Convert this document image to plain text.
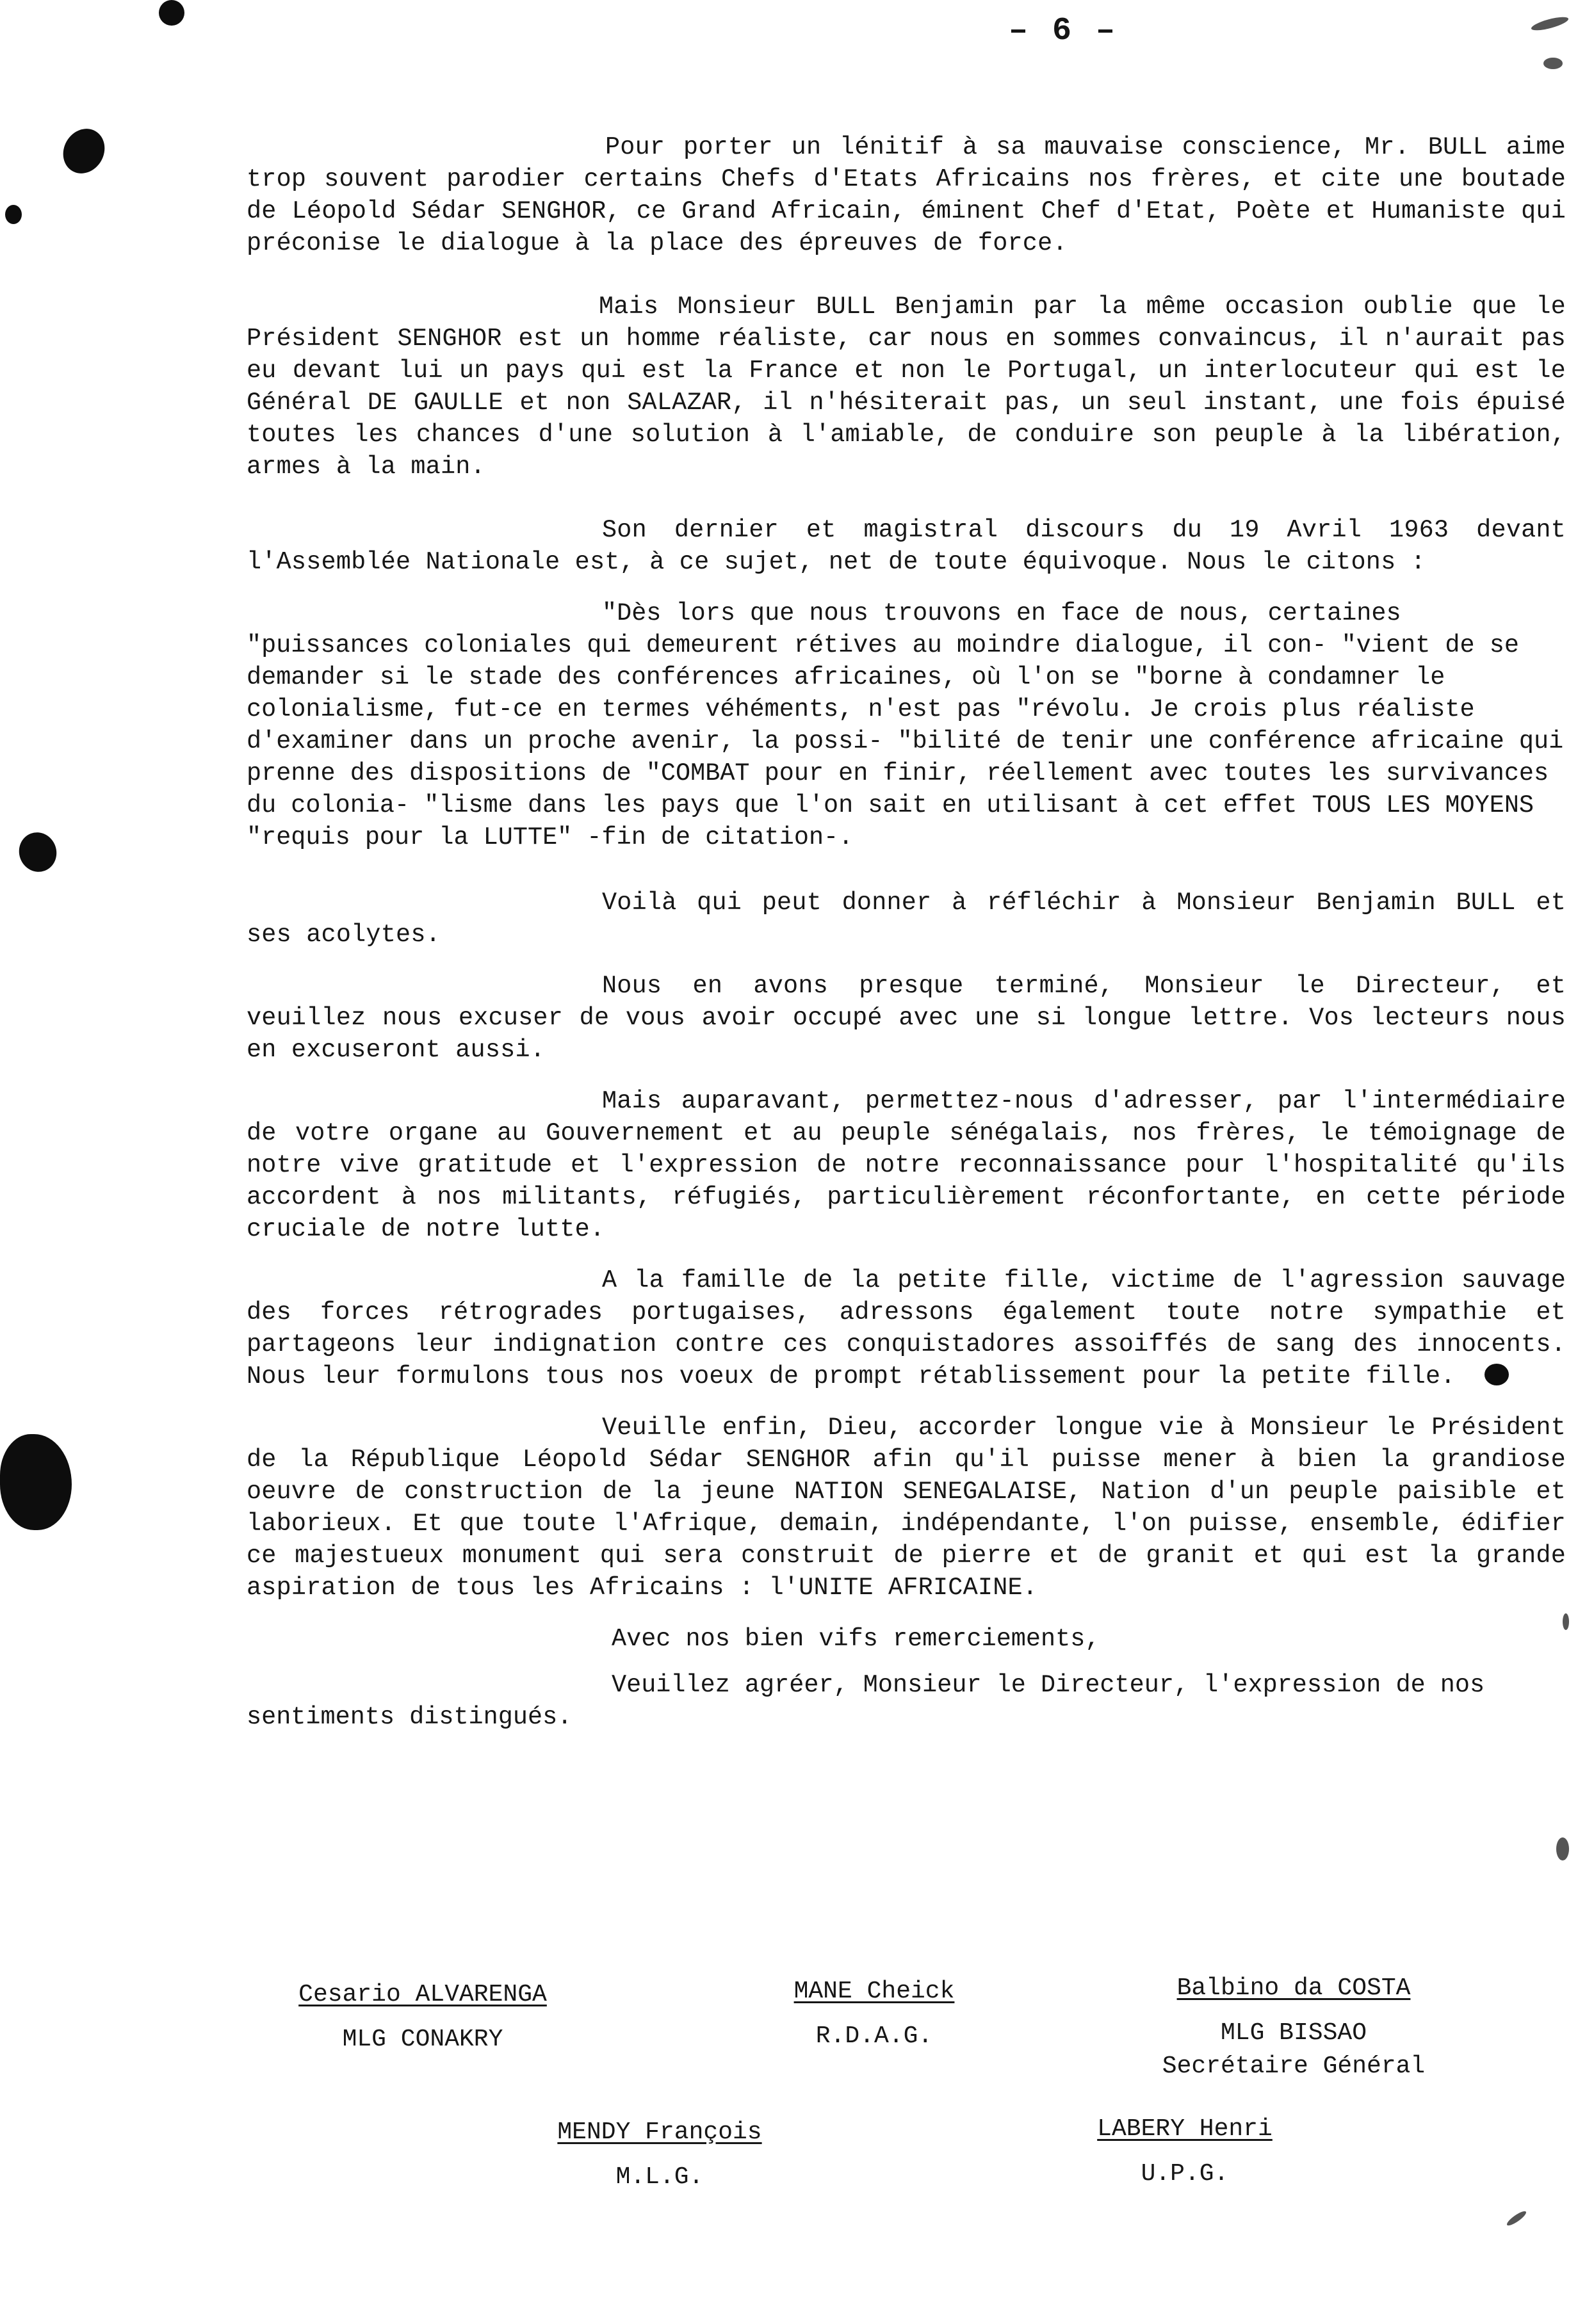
– 6 –

Pour porter un lénitif à sa mauvaise conscience, Mr. BULL aime trop souvent parodier certains Chefs d'Etats Africains nos frères, et cite une boutade de Léopold Sédar SENGHOR, ce Grand Africain, éminent Chef d'Etat, Poète et Humaniste qui préconise le dialogue à la place des épreuves de force.

Mais Monsieur BULL Benjamin par la même occasion oublie que le Président SENGHOR est un homme réaliste, car nous en sommes convaincus, il n'aurait pas eu devant lui un pays qui est la France et non le Portugal, un interlocuteur qui est le Général DE GAULLE et non SALAZAR, il n'hésiterait pas, un seul instant, une fois épuisé toutes les chances d'une solution à l'amiable, de conduire son peuple à la libération, armes à la main.

Son dernier et magistral discours du 19 Avril 1963 devant l'Assemblée Nationale est, à ce sujet, net de toute équivoque. Nous le citons :

"Dès lors que nous trouvons en face de nous, certaines "puissances coloniales qui demeurent rétives au moindre dialogue, il con- "vient de se demander si le stade des conférences africaines, où l'on se "borne à condamner le colonialisme, fut-ce en termes véhéments, n'est pas "révolu. Je crois plus réaliste d'examiner dans un proche avenir, la possi- "bilité de tenir une conférence africaine qui prenne des dispositions de "COMBAT pour en finir, réellement avec toutes les survivances du colonia- "lisme dans les pays que l'on sait en utilisant à cet effet TOUS LES MOYENS "requis pour la LUTTE" -fin de citation-.

Voilà qui peut donner à réfléchir à Monsieur Benjamin BULL et ses acolytes.

Nous en avons presque terminé, Monsieur le Directeur, et veuillez nous excuser de vous avoir occupé avec une si longue lettre. Vos lecteurs nous en excuseront aussi.

Mais auparavant, permettez-nous d'adresser, par l'intermédiaire de votre organe au Gouvernement et au peuple sénégalais, nos frères, le témoignage de notre vive gratitude et l'expression de notre reconnaissance pour l'hospitalité qu'ils accordent à nos militants, réfugiés, particulièrement réconfortante, en cette période cruciale de notre lutte.

A la famille de la petite fille, victime de l'agression sauvage des forces rétrogrades portugaises, adressons également toute notre sympathie et partageons leur indignation contre ces conquistadores assoiffés de sang des innocents. Nous leur formulons tous nos voeux de prompt rétablissement pour la petite fille.

Veuille enfin, Dieu, accorder longue vie à Monsieur le Président de la République Léopold Sédar SENGHOR afin qu'il puisse mener à bien la grandiose oeuvre de construction de la jeune NATION SENEGALAISE, Nation d'un peuple paisible et laborieux. Et que toute l'Afrique, demain, indépendante, l'on puisse, ensemble, édifier ce majestueux monument qui sera construit de pierre et de granit et qui est la grande aspiration de tous les Africains : l'UNITE AFRICAINE.

Avec nos bien vifs remerciements,

Veuillez agréer, Monsieur le Directeur, l'expression de nos sentiments distingués.

Cesario ALVARENGA
MLG CONAKRY
MANE Cheick
R.D.A.G.
Balbino da COSTA
MLG BISSAO
Secrétaire Général
MENDY François
M.L.G.
LABERY Henri
U.P.G.
